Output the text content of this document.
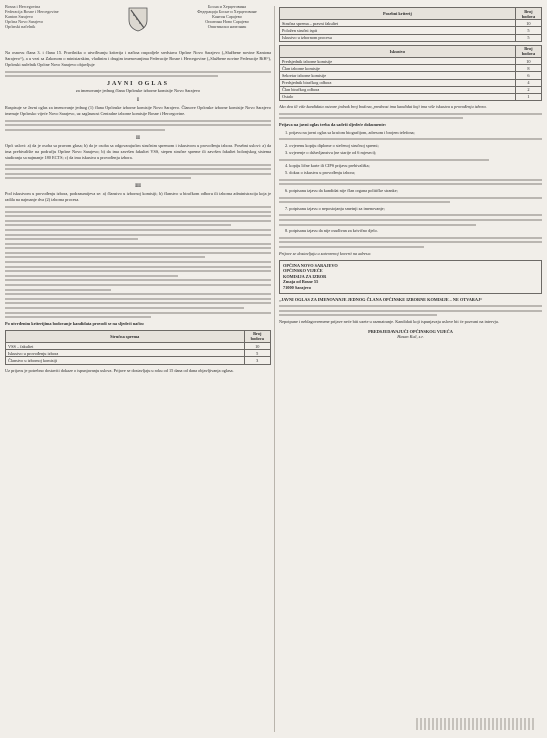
Bosna i Hercegovina
Federacija Bosne i Hercegovine
Kanton Sarajevo
Općina Novo Sarajevo
Općinski načelnik
Босна и Херцеговина
Федерација Босне и Херцеговине
Кантон Сарајево
Општина Ново Сарајево
Општински начелник
Na osnovu člana 3. i člana 15. Pravilnika o utvrđivanju kriterija i načina raspodjele sredstava Općine Novo Sarajevo („Službene novine Kantona Sarajevo“), a u vezi sa Zakonom o ministarskim, vladinim i drugim imenovanjima Federacije Bosne i Hercegovine („Službene novine Federacije BiH“), Općinski načelnik Općine Novo Sarajevo objavljuje
JAVNI OGLAS
za imenovanje jednog člana Općinske izborne komisije Novo Sarajevo
I
Raspisuje se Javni oglas za imenovanje jednog (1) člana Općinske izborne komisije Novo Sarajevo. Članove Općinske izborne komisije Novo Sarajevo imenuje Općinsko vijeće Novo Sarajevo, uz saglasnost Centralne izborne komisije Bosne i Hercegovine.
II
Opći uslovi: a) da je osoba sa pravom glasa; b) da je osoba sa odgovarajućim stručnim spremom i iskustvom u provođenju izbora. Posebni uslovi: a) da ima prebivalište na području Općine Novo Sarajevo; b) da ima završen fakultet VSS, stepen stručne spreme ili završen fakultet bolonjskog sistema studiranja sa najmanje 180 ECTS; c) da ima iskustva u provođenju izbora.
III
Pod iskustvom u provođenju izbora, podrazumijeva se: a) članstvo u izbornoj komisiji; b) članstvo u biračkom odboru ili izborna administracija koja je radila na najmanje dva (2) izborna procesa.
Po utvrđenim kriterijima bodovanje kandidata provodi se na sljedeći način:
Stručna sprema	Broj bodova
VSS – fakultet	10
Iskustvo u provođenju izbora	5
Članstvo u izbornoj komisiji	3
Uz prijavu je potrebno dostaviti dokaze o ispunjavanju uslova. Prijave se dostavljaju u roku od 15 dana od dana objavljivanja oglasa.
Posebni kriterij	Broj bodova
Stručna sprema – pravni fakultet	10
Položen stručni ispit	5
Iskustvo u izbornom procesu	5
Iskustvo	Broj bodova
Predsjednik izborne komisije	10
Član izborne komisije	8
Sekretar izborne komisije	6
Predsjednik biračkog odbora	4
Član biračkog odbora	2
Ostalo	1
Ako dva ili više kandidata ostvare jednak broj bodova, prednost ima kandidat koji ima više iskustva u provođenju izbora.
Prijava na javni oglas treba da sadrži sljedeće dokumente:
1. prijavu na javni oglas sa kraćom biografijom, adresom i brojem telefona;
2. ovjerenu kopiju diplome o stečenoj stručnoj spremi;
3. uvjerenje o državljanstvu (ne starije od 6 mjeseci);
4. kopiju lične karte ili CIPS prijavu prebivališta;
5. dokaz o iskustvu u provođenju izbora;
6. potpisanu izjavu da kandidat nije član organa političke stranke;
7. potpisanu izjavu o nepostojanju smetnji za imenovanje;
8. potpisanu izjavu da nije osuđivan za krivično djelo.
Prijave se dostavljaju u zatvorenoj koverti na adresu:
OPĆINA NOVO SARAJEVO
OPĆINSKO VIJEĆE
KOMISIJA ZA IZBOR
Zmaja od Bosne 55
71000 Sarajevo
„JAVNI OGLAS ZA IMENOVANJE JEDNOG ČLANA OPĆINSKE IZBORNE KOMISIJE – NE OTVARAJ“
Nepotpune i neblagovremene prijave neće biti uzete u razmatranje. Kandidati koji ispunjavaju uslove bit će pozvani na intervju.
PREDSJEDAVAJUĆI OPĆINSKOG VIJEĆA
Hasan Kuč, s.r.
